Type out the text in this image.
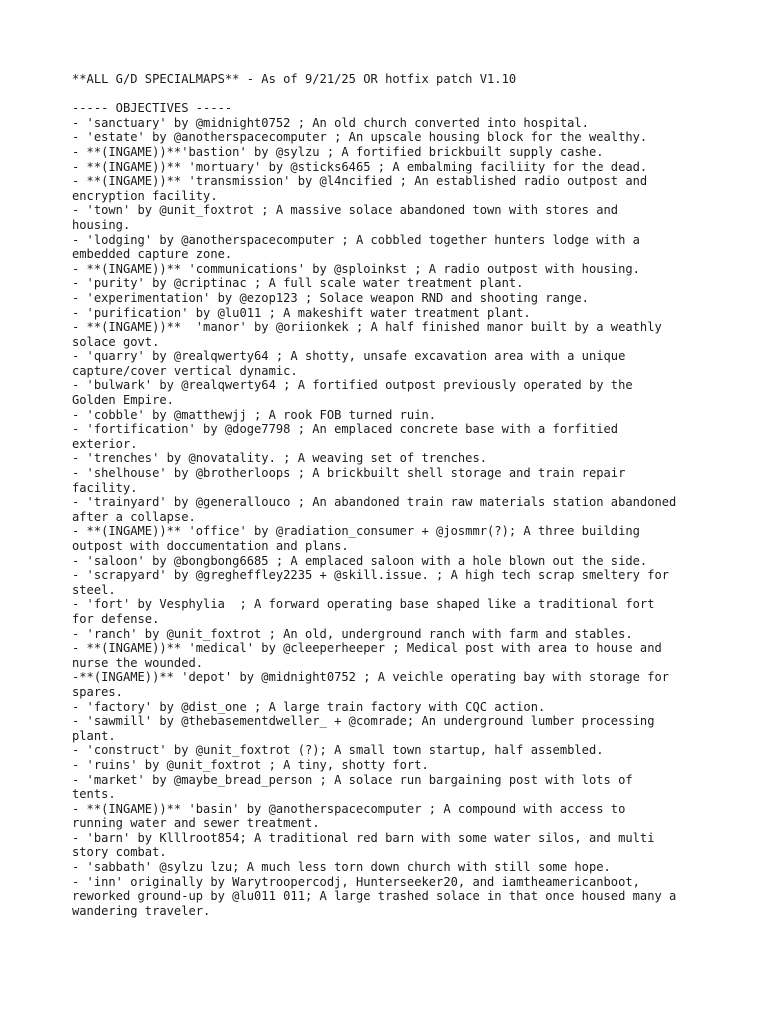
**ALL G/D SPECIALMAPS** - As of 9/21/25 OR hotfix patch V1.10
----- OBJECTIVES -----
- 'sanctuary' by @midnight0752 ; An old church converted into hospital.
- 'estate' by @anotherspacecomputer ; An upscale housing block for the wealthy.
- **(INGAME))**'bastion' by @sylzu ; A fortified brickbuilt supply cashe.
- **(INGAME))** 'mortuary' by @sticks6465 ; A embalming faciliity for the dead.
- **(INGAME))** 'transmission' by @l4ncified ; An established radio outpost and
encryption facility.
- 'town' by @unit_foxtrot ; A massive solace abandoned town with stores and
housing.
- 'lodging' by @anotherspacecomputer ; A cobbled together hunters lodge with a
embedded capture zone.
- **(INGAME))** 'communications' by @sploinkst ; A radio outpost with housing.
- 'purity' by @criptinac ; A full scale water treatment plant.
- 'experimentation' by @ezop123 ; Solace weapon RND and shooting range.
- 'purification' by @lu011 ; A makeshift water treatment plant.
- **(INGAME))**  'manor' by @oriionkek ; A half finished manor built by a weathly
solace govt.
- 'quarry' by @realqwerty64 ; A shotty, unsafe excavation area with a unique
capture/cover vertical dynamic.
- 'bulwark' by @realqwerty64 ; A fortified outpost previously operated by the
Golden Empire.
- 'cobble' by @matthewjj ; A rook FOB turned ruin.
- 'fortification' by @doge7798 ; An emplaced concrete base with a forfitied
exterior.
- 'trenches' by @novatality. ; A weaving set of trenches.
- 'shelhouse' by @brotherloops ; A brickbuilt shell storage and train repair
facility.
- 'trainyard' by @generallouco ; An abandoned train raw materials station abandoned
after a collapse.
- **(INGAME))** 'office' by @radiation_consumer + @josmmr(?); A three building
outpost with doccumentation and plans.
- 'saloon' by @bongbong6685 ; A emplaced saloon with a hole blown out the side.
- 'scrapyard' by @gregheffley2235 + @skill.issue. ; A high tech scrap smeltery for
steel.
- 'fort' by Vesphylia  ; A forward operating base shaped like a traditional fort
for defense.
- 'ranch' by @unit_foxtrot ; An old, underground ranch with farm and stables.
- **(INGAME))** 'medical' by @cleeperheeper ; Medical post with area to house and
nurse the wounded.
-**(INGAME))** 'depot' by @midnight0752 ; A veichle operating bay with storage for
spares.
- 'factory' by @dist_one ; A large train factory with CQC action.
- 'sawmill' by @thebasementdweller_ + @comrade; An underground lumber processing
plant.
- 'construct' by @unit_foxtrot (?); A small town startup, half assembled.
- 'ruins' by @unit_foxtrot ; A tiny, shotty fort.
- 'market' by @maybe_bread_person ; A solace run bargaining post with lots of
tents.
- **(INGAME))** 'basin' by @anotherspacecomputer ; A compound with access to
running water and sewer treatment.
- 'barn' by Klllroot854; A traditional red barn with some water silos, and multi
story combat.
- 'sabbath' @sylzu lzu; A much less torn down church with still some hope.
- 'inn' originally by Warytroopercodj, Hunterseeker20, and iamtheamericanboot,
reworked ground-up by @lu011 011; A large trashed solace in that once housed many a
wandering traveler.
